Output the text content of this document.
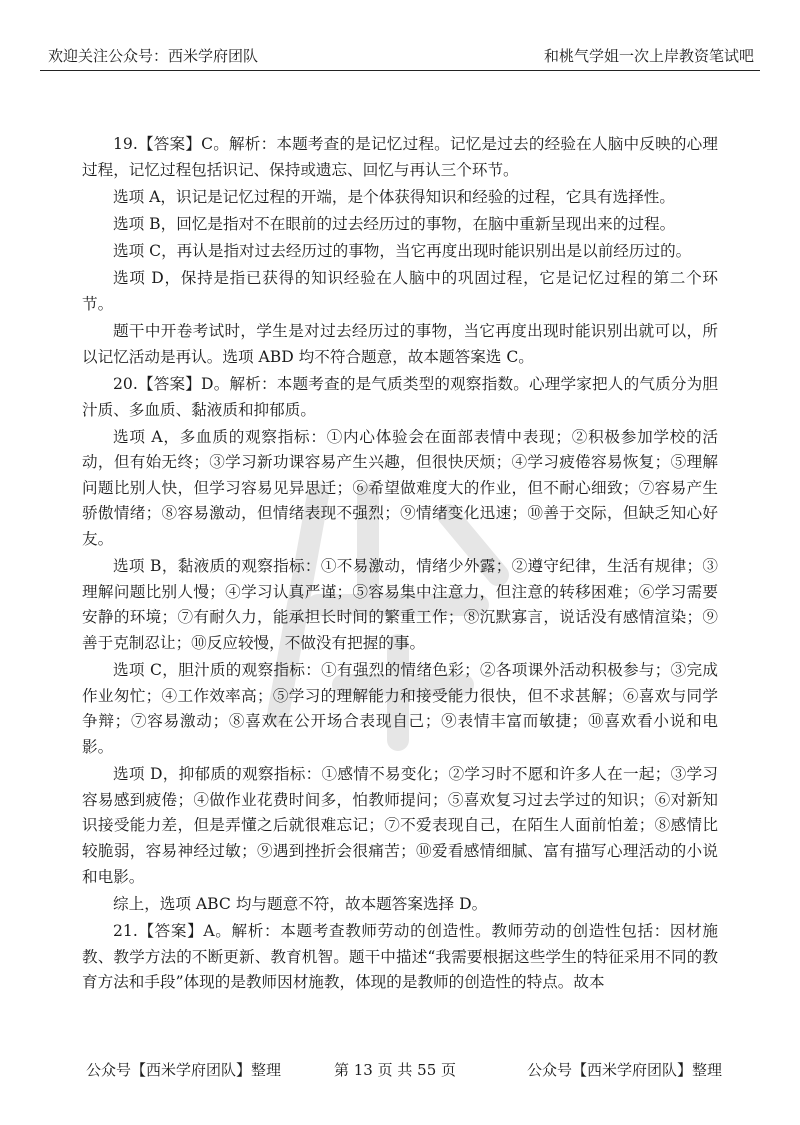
欢迎关注公众号：西米学府团队	和桃气学姐一次上岸教资笔试吧

19.【答案】C。解析：本题考查的是记忆过程。记忆是过去的经验在人脑中反映的心理过程，记忆过程包括识记、保持或遗忘、回忆与再认三个环节。

选项 A，识记是记忆过程的开端，是个体获得知识和经验的过程，它具有选择性。

选项 B，回忆是指对不在眼前的过去经历过的事物，在脑中重新呈现出来的过程。

选项 C，再认是指对过去经历过的事物，当它再度出现时能识别出是以前经历过的。

选项 D，保持是指已获得的知识经验在人脑中的巩固过程，它是记忆过程的第二个环节。

题干中开卷考试时，学生是对过去经历过的事物，当它再度出现时能识别出就可以，所以记忆活动是再认。选项 ABD 均不符合题意，故本题答案选 C。

20.【答案】D。解析：本题考查的是气质类型的观察指数。心理学家把人的气质分为胆汁质、多血质、黏液质和抑郁质。

选项 A，多血质的观察指标：①内心体验会在面部表情中表现；②积极参加学校的活动，但有始无终；③学习新功课容易产生兴趣，但很快厌烦；④学习疲倦容易恢复；⑤理解问题比别人快，但学习容易见异思迁；⑥希望做难度大的作业，但不耐心细致；⑦容易产生骄傲情绪；⑧容易激动，但情绪表现不强烈；⑨情绪变化迅速；⑩善于交际，但缺乏知心好友。

选项 B，黏液质的观察指标：①不易激动，情绪少外露；②遵守纪律，生活有规律；③理解问题比别人慢；④学习认真严谨；⑤容易集中注意力，但注意的转移困难；⑥学习需要安静的环境；⑦有耐久力，能承担长时间的繁重工作；⑧沉默寡言，说话没有感情渲染；⑨善于克制忍让；⑩反应较慢，不做没有把握的事。

选项 C，胆汁质的观察指标：①有强烈的情绪色彩；②各项课外活动积极参与；③完成作业匆忙；④工作效率高；⑤学习的理解能力和接受能力很快，但不求甚解；⑥喜欢与同学争辩；⑦容易激动；⑧喜欢在公开场合表现自己；⑨表情丰富而敏捷；⑩喜欢看小说和电影。

选项 D，抑郁质的观察指标：①感情不易变化；②学习时不愿和许多人在一起；③学习容易感到疲倦；④做作业花费时间多，怕教师提问；⑤喜欢复习过去学过的知识；⑥对新知识接受能力差，但是弄懂之后就很难忘记；⑦不爱表现自己，在陌生人面前怕羞；⑧感情比较脆弱，容易神经过敏；⑨遇到挫折会很痛苦；⑩爱看感情细腻、富有描写心理活动的小说和电影。

综上，选项 ABC 均与题意不符，故本题答案选择 D。

21.【答案】A。解析：本题考查教师劳动的创造性。教师劳动的创造性包括：因材施教、教学方法的不断更新、教育机智。题干中描述“我需要根据这些学生的特征采用不同的教育方法和手段”体现的是教师因材施教，体现的是教师的创造性的特点。故本

公众号【西米学府团队】整理	第 13 页 共 55 页	公众号【西米学府团队】整理
